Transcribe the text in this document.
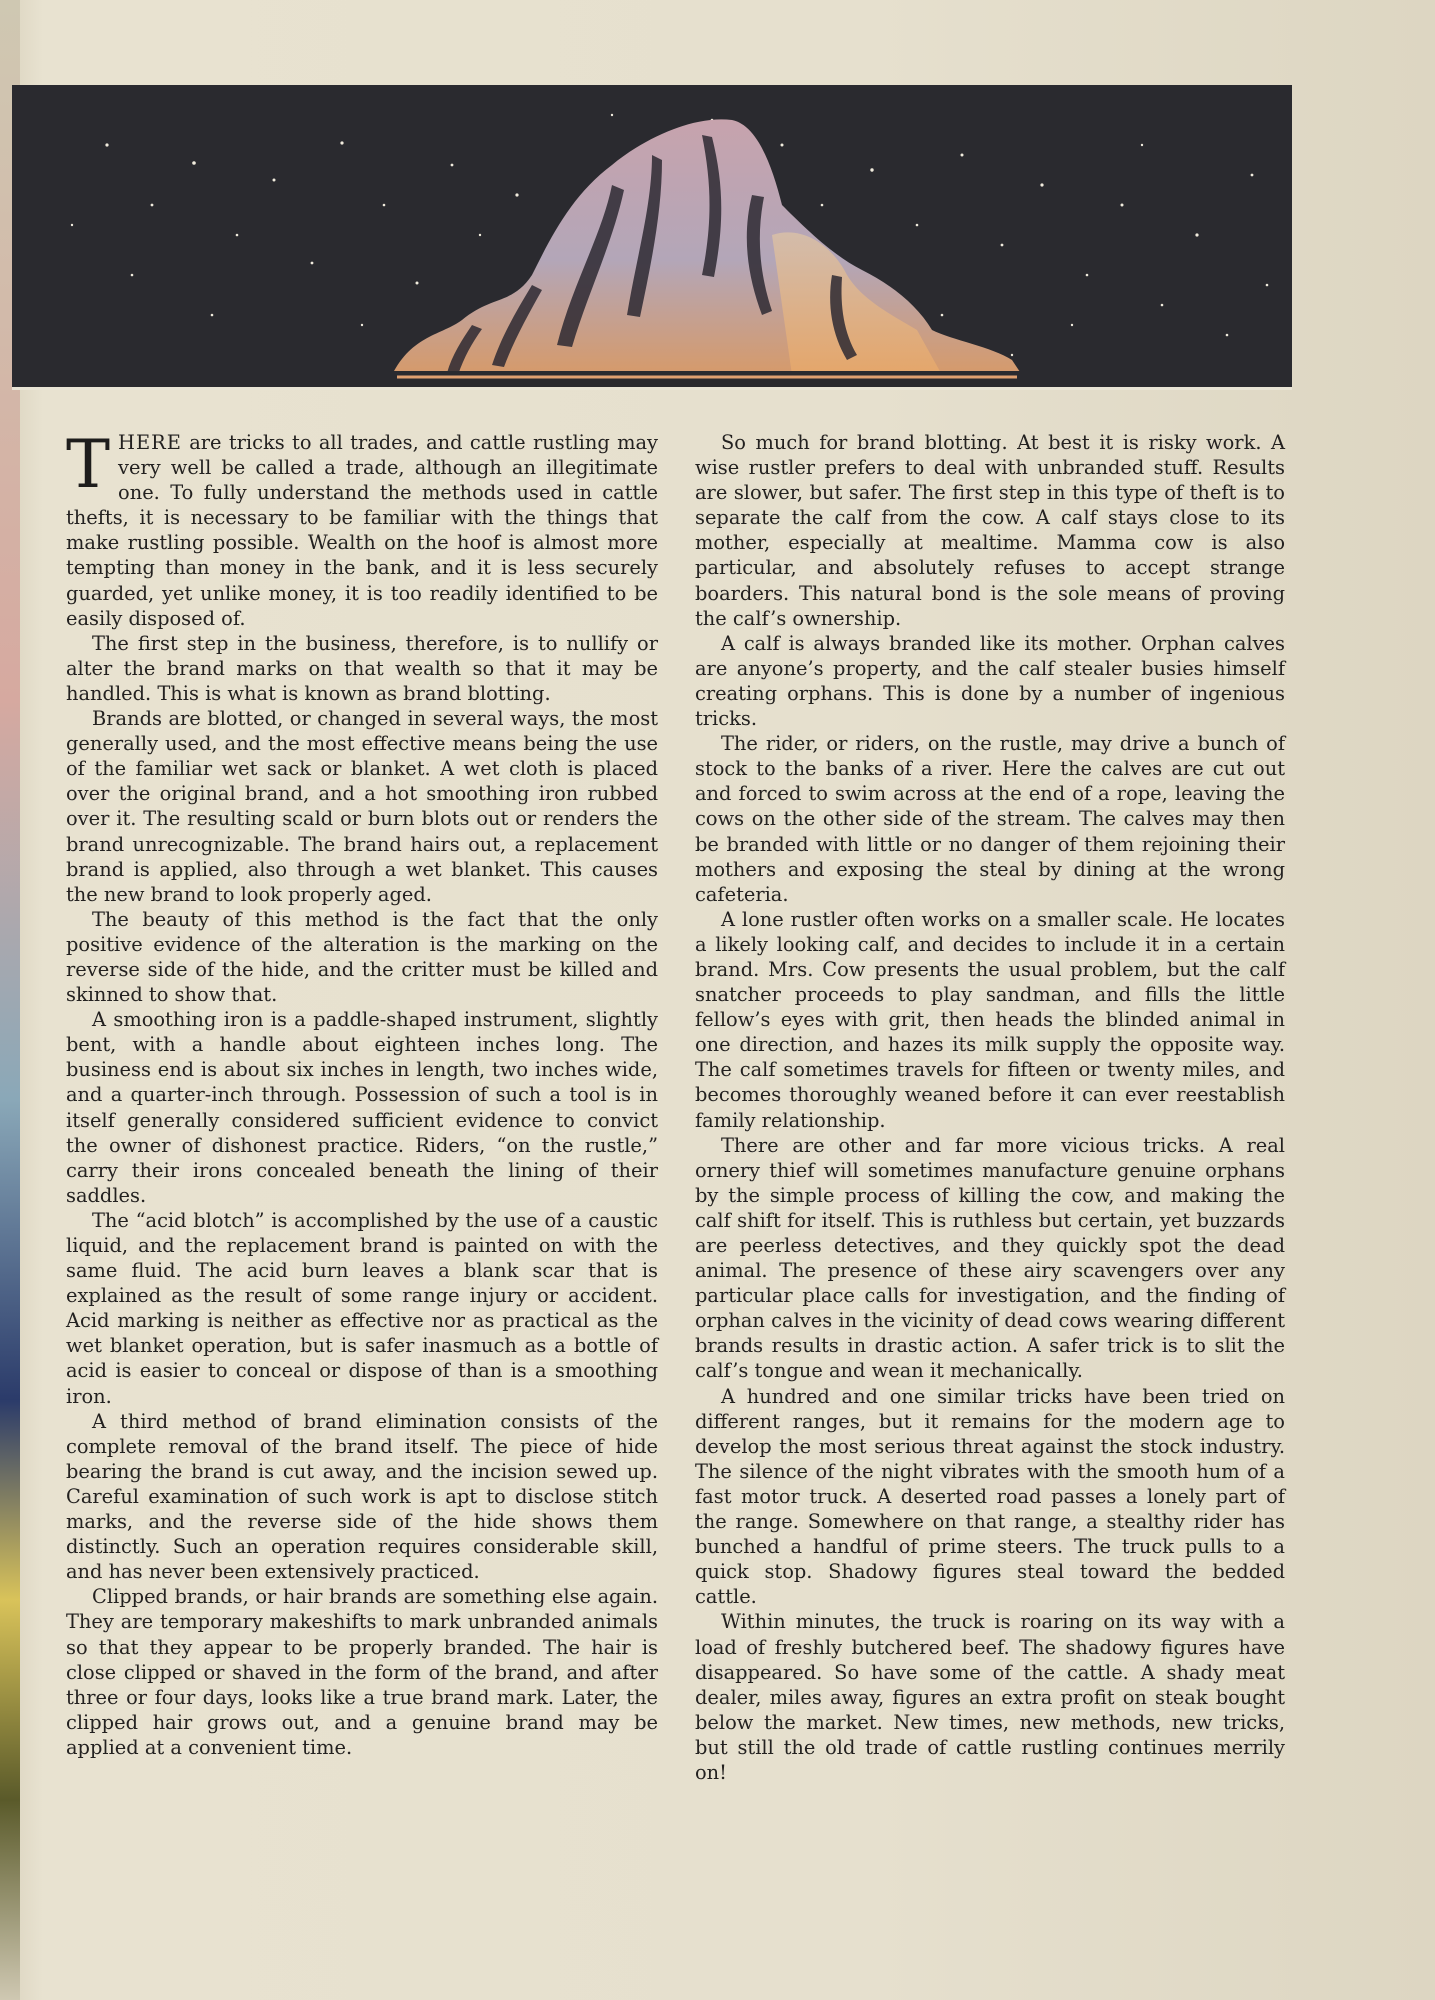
THERE are tricks to all trades, and cattle rustling may very well be called a trade, although an illegitimate one. To fully understand the methods used in cattle thefts, it is necessary to be familiar with the things that make rustling possible. Wealth on the hoof is almost more tempting than money in the bank, and it is less securely guarded, yet unlike money, it is too readily identified to be easily disposed of.

The first step in the business, therefore, is to nullify or alter the brand marks on that wealth so that it may be handled. This is what is known as brand blotting.

Brands are blotted, or changed in several ways, the most generally used, and the most effective means being the use of the familiar wet sack or blanket. A wet cloth is placed over the original brand, and a hot smoothing iron rubbed over it. The resulting scald or burn blots out or renders the brand unrecognizable. The brand hairs out, a replacement brand is applied, also through a wet blanket. This causes the new brand to look properly aged.

The beauty of this method is the fact that the only positive evidence of the alteration is the marking on the reverse side of the hide, and the critter must be killed and skinned to show that.

A smoothing iron is a paddle-shaped instrument, slightly bent, with a handle about eighteen inches long. The business end is about six inches in length, two inches wide, and a quarter-inch through. Possession of such a tool is in itself generally considered sufficient evidence to convict the owner of dishonest practice. Riders, “on the rustle,” carry their irons concealed beneath the lining of their saddles.

The “acid blotch” is accomplished by the use of a caustic liquid, and the replacement brand is painted on with the same fluid. The acid burn leaves a blank scar that is explained as the result of some range injury or accident. Acid marking is neither as effective nor as practical as the wet blanket operation, but is safer inasmuch as a bottle of acid is easier to conceal or dispose of than is a smoothing iron.

A third method of brand elimination consists of the complete removal of the brand itself. The piece of hide bearing the brand is cut away, and the incision sewed up. Careful examination of such work is apt to disclose stitch marks, and the reverse side of the hide shows them distinctly. Such an operation requires considerable skill, and has never been extensively practiced.

Clipped brands, or hair brands are something else again. They are temporary makeshifts to mark unbranded animals so that they appear to be properly branded. The hair is close clipped or shaved in the form of the brand, and after three or four days, looks like a true brand mark. Later, the clipped hair grows out, and a genuine brand may be applied at a convenient time.

So much for brand blotting. At best it is risky work. A wise rustler prefers to deal with unbranded stuff. Results are slower, but safer. The first step in this type of theft is to separate the calf from the cow. A calf stays close to its mother, especially at mealtime. Mamma cow is also particular, and absolutely refuses to accept strange boarders. This natural bond is the sole means of proving the calf’s ownership.

A calf is always branded like its mother. Orphan calves are anyone’s property, and the calf stealer busies himself creating orphans. This is done by a number of ingenious tricks.

The rider, or riders, on the rustle, may drive a bunch of stock to the banks of a river. Here the calves are cut out and forced to swim across at the end of a rope, leaving the cows on the other side of the stream. The calves may then be branded with little or no danger of them rejoining their mothers and exposing the steal by dining at the wrong cafeteria.

A lone rustler often works on a smaller scale. He locates a likely looking calf, and decides to include it in a certain brand. Mrs. Cow presents the usual problem, but the calf snatcher proceeds to play sandman, and fills the little fellow’s eyes with grit, then heads the blinded animal in one direction, and hazes its milk supply the opposite way. The calf sometimes travels for fifteen or twenty miles, and becomes thoroughly weaned before it can ever reestablish family relationship.

There are other and far more vicious tricks. A real ornery thief will sometimes manufacture genuine orphans by the simple process of killing the cow, and making the calf shift for itself. This is ruthless but certain, yet buzzards are peerless detectives, and they quickly spot the dead animal. The presence of these airy scavengers over any particular place calls for investigation, and the finding of orphan calves in the vicinity of dead cows wearing different brands results in drastic action. A safer trick is to slit the calf’s tongue and wean it mechanically.

A hundred and one similar tricks have been tried on different ranges, but it remains for the modern age to develop the most serious threat against the stock industry. The silence of the night vibrates with the smooth hum of a fast motor truck. A deserted road passes a lonely part of the range. Somewhere on that range, a stealthy rider has bunched a handful of prime steers. The truck pulls to a quick stop. Shadowy figures steal toward the bedded cattle.

Within minutes, the truck is roaring on its way with a load of freshly butchered beef. The shadowy figures have disappeared. So have some of the cattle. A shady meat dealer, miles away, figures an extra profit on steak bought below the market. New times, new methods, new tricks, but still the old trade of cattle rustling continues merrily on!
